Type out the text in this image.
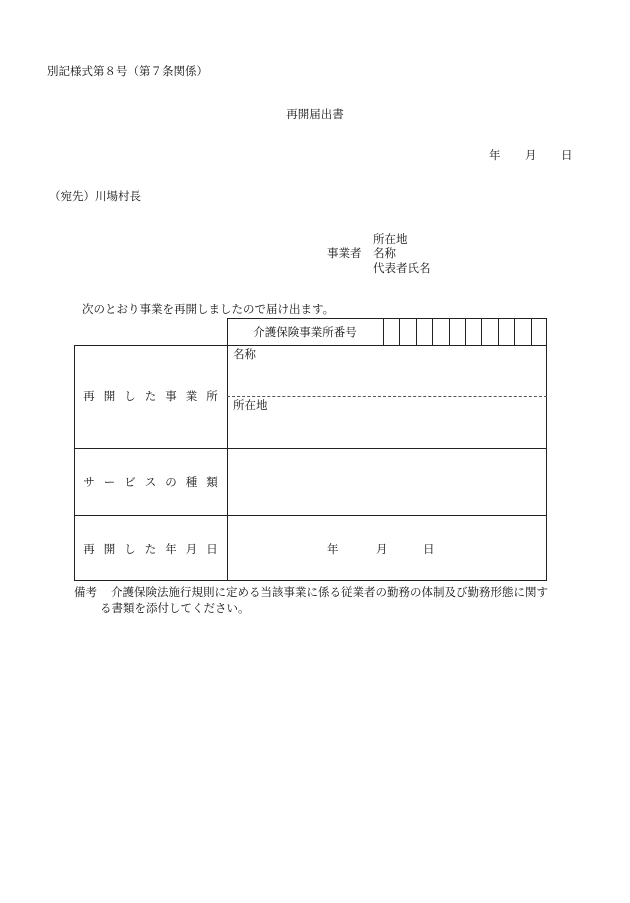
別記様式第８号（第７条関係）
再開届出書
年 月 日
（宛先）川場村長
事業者
所在地
名称
代表者氏名
次のとおり事業を再開しましたので届け出ます。
介護保険事業所番号
再開した事業所
名称
所在地
サービスの種類
再開した年月日	年	月	日
備考 介護保険法施行規則に定める当該事業に係る従業者の勤務の体制及び勤務形態に関す
る書類を添付してください。
